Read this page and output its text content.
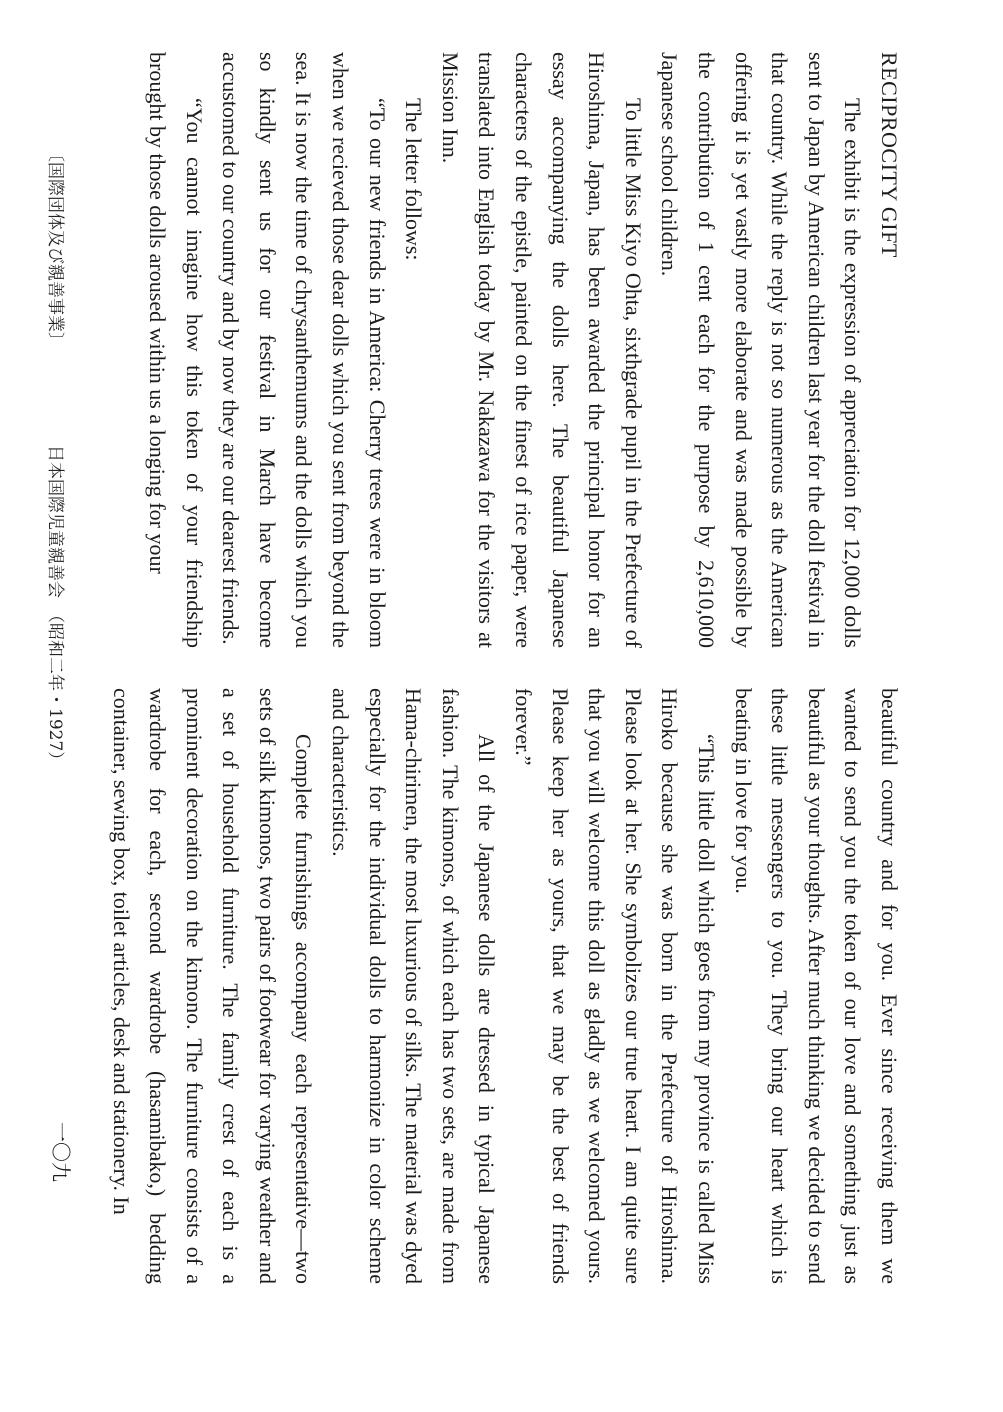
RECIPROCITY GIFT

The exhibit is the expression of appreciation for 12,000 dolls sent to Japan by American children last year for the doll festival in that country. While the reply is not so numerous as the American offering it is yet vastly more elaborate and was made possible by the contribution of 1 cent each for the purpose by 2,610,000 Japanese school children.

To little Miss Kiyo Ohta, sixthgrade pupil in the Prefecture of Hiroshima, Japan, has been awarded the principal honor for an essay accompanying the dolls here. The beautiful Japanese characters of the epistle, painted on the finest of rice paper, were translated into English today by Mr. Nakazawa for the visitors at Mission Inn.

The letter follows:

“To our new friends in America: Cherry trees were in bloom when we recieved those dear dolls which you sent from beyond the sea. It is now the time of chrysanthemums and the dolls which you so kindly sent us for our festival in March have become accustomed to our country and by now they are our dearest friends.

“You cannot imagine how this token of your friendship brought by those dolls aroused within us a longing for your

beautiful country and for you. Ever since receiving them we wanted to send you the token of our love and something just as beautiful as your thoughts. After much thinking we decided to send these little messengers to you. They bring our heart which is beating in love for you.

“This little doll which goes from my province is called Miss Hiroko because she was born in the Prefecture of Hiroshima. Please look at her. She symbolizes our true heart. I am quite sure that you will welcome this doll as gladly as we welcomed yours. Please keep her as yours, that we may be the best of friends forever.”

All of the Japanese dolls are dressed in typical Japanese fashion. The kimonos, of which each has two sets, are made from Hama-chirimen, the most luxurious of silks. The material was dyed especially for the individual dolls to harmonize in color scheme and characteristics.

Complete furnishings accompany each representative—two sets of silk kimonos, two pairs of footwear for varying weather and a set of household furniture. The family crest of each is a prominent decoration on the kimono. The furniture consists of a wardrobe for each, second wardrobe (hasamibako,) bedding container, sewing box, toilet articles, desk and stationery. In

〔国際団体及び親善事業〕
日本国際児童親善会
（昭和二年・1927）
一〇九
